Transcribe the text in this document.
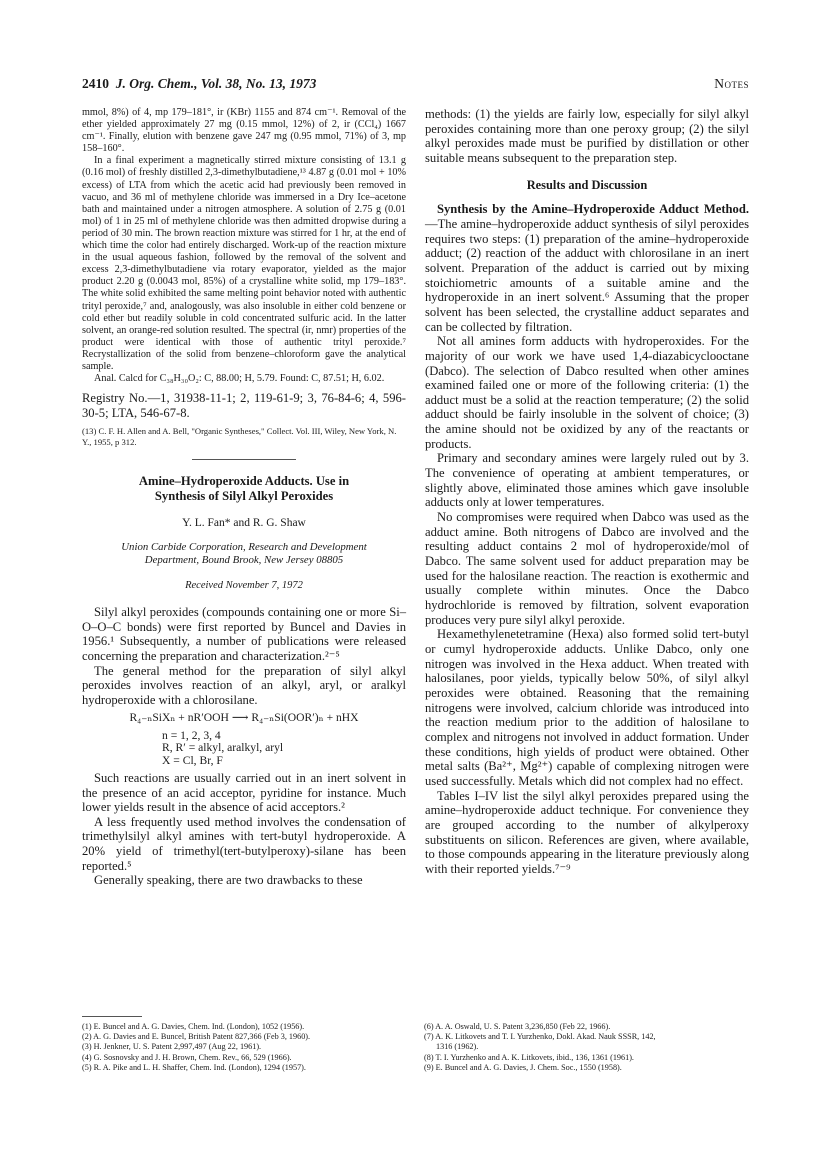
2410 J. Org. Chem., Vol. 38, No. 13, 1973	Notes

mmol, 8%) of 4, mp 179–181°, ir (KBr) 1155 and 874 cm⁻¹. Removal of the ether yielded approximately 27 mg (0.15 mmol, 12%) of 2, ir (CCl₄) 1667 cm⁻¹. Finally, elution with benzene gave 247 mg (0.95 mmol, 71%) of 3, mp 158–160°.

In a final experiment a magnetically stirred mixture consisting of 13.1 g (0.16 mol) of freshly distilled 2,3-dimethylbutadiene,¹³ 4.87 g (0.01 mol + 10% excess) of LTA from which the acetic acid had previously been removed in vacuo, and 36 ml of methylene chloride was immersed in a Dry Ice–acetone bath and maintained under a nitrogen atmosphere. A solution of 2.75 g (0.01 mol) of 1 in 25 ml of methylene chloride was then admitted dropwise during a period of 30 min. The brown reaction mixture was stirred for 1 hr, at the end of which time the color had entirely discharged. Work-up of the reaction mixture in the usual aqueous fashion, followed by the removal of the solvent and excess 2,3-dimethylbutadiene via rotary evaporator, yielded as the major product 2.20 g (0.0043 mol, 85%) of a crystalline white solid, mp 179–183°. The white solid exhibited the same melting point behavior noted with authentic trityl peroxide,⁷ and, analogously, was also insoluble in either cold benzene or cold ether but readily soluble in cold concentrated sulfuric acid. In the latter solvent, an orange-red solution resulted. The spectral (ir, nmr) properties of the product were identical with those of authentic trityl peroxide.⁷ Recrystallization of the solid from benzene–chloroform gave the analytical sample.

Anal. Calcd for C₃₈H₃₀O₂: C, 88.00; H, 5.79. Found: C, 87.51; H, 6.02.

Registry No.—1, 31938-11-1; 2, 119-61-9; 3, 76-84-6; 4, 596-30-5; LTA, 546-67-8.

(13) C. F. H. Allen and A. Bell, "Organic Syntheses," Collect. Vol. III, Wiley, New York, N. Y., 1955, p 312.

Amine–Hydroperoxide Adducts. Use in
Synthesis of Silyl Alkyl Peroxides
Y. L. Fan* and R. G. Shaw
Union Carbide Corporation, Research and Development
Department, Bound Brook, New Jersey 08805
Received November 7, 1972

Silyl alkyl peroxides (compounds containing one or more Si–O–O–C bonds) were first reported by Buncel and Davies in 1956.¹ Subsequently, a number of publications were released concerning the preparation and characterization.²⁻⁵

The general method for the preparation of silyl alkyl peroxides involves reaction of an alkyl, aryl, or aralkyl hydroperoxide with a chlorosilane.

R₄₋ₙSiXₙ + nR′OOH ⟶ R₄₋ₙSi(OOR′)ₙ + nHX
n = 1, 2, 3, 4
R, R′ = alkyl, aralkyl, aryl
X = Cl, Br, F

Such reactions are usually carried out in an inert solvent in the presence of an acid acceptor, pyridine for instance. Much lower yields result in the absence of acid acceptors.²

A less frequently used method involves the condensation of trimethylsilyl alkyl amines with tert-butyl hydroperoxide. A 20% yield of trimethyl(tert-butylperoxy)-silane has been reported.⁵

Generally speaking, there are two drawbacks to these

methods: (1) the yields are fairly low, especially for silyl alkyl peroxides containing more than one peroxy group; (2) the silyl alkyl peroxides made must be purified by distillation or other suitable means subsequent to the preparation step.

Results and Discussion

Synthesis by the Amine–Hydroperoxide Adduct Method.—The amine–hydroperoxide adduct synthesis of silyl peroxides requires two steps: (1) preparation of the amine–hydroperoxide adduct; (2) reaction of the adduct with chlorosilane in an inert solvent. Preparation of the adduct is carried out by mixing stoichiometric amounts of a suitable amine and the hydroperoxide in an inert solvent.⁶ Assuming that the proper solvent has been selected, the crystalline adduct separates and can be collected by filtration.

Not all amines form adducts with hydroperoxides. For the majority of our work we have used 1,4-diazabicyclooctane (Dabco). The selection of Dabco resulted when other amines examined failed one or more of the following criteria: (1) the adduct must be a solid at the reaction temperature; (2) the solid adduct should be fairly insoluble in the solvent of choice; (3) the amine should not be oxidized by any of the reactants or products.

Primary and secondary amines were largely ruled out by 3. The convenience of operating at ambient temperatures, or slightly above, eliminated those amines which gave insoluble adducts only at lower temperatures.

No compromises were required when Dabco was used as the adduct amine. Both nitrogens of Dabco are involved and the resulting adduct contains 2 mol of hydroperoxide/mol of Dabco. The same solvent used for adduct preparation may be used for the halosilane reaction. The reaction is exothermic and usually complete within minutes. Once the Dabco hydrochloride is removed by filtration, solvent evaporation produces very pure silyl alkyl peroxide.

Hexamethylenetetramine (Hexa) also formed solid tert-butyl or cumyl hydroperoxide adducts. Unlike Dabco, only one nitrogen was involved in the Hexa adduct. When treated with halosilanes, poor yields, typically below 50%, of silyl alkyl peroxides were obtained. Reasoning that the remaining nitrogens were involved, calcium chloride was introduced into the reaction medium prior to the addition of halosilane to complex and nitrogens not involved in adduct formation. Under these conditions, high yields of product were obtained. Other metal salts (Ba²⁺, Mg²⁺) capable of complexing nitrogen were used successfully. Metals which did not complex had no effect.

Tables I–IV list the silyl alkyl peroxides prepared using the amine–hydroperoxide adduct technique. For convenience they are grouped according to the number of alkylperoxy substituents on silicon. References are given, where available, to those compounds appearing in the literature previously along with their reported yields.⁷⁻⁹

(1) E. Buncel and A. G. Davies, Chem. Ind. (London), 1052 (1956).
(2) A. G. Davies and E. Buncel, British Patent 827,366 (Feb 3, 1960).
(3) H. Jenkner, U. S. Patent 2,997,497 (Aug 22, 1961).
(4) G. Sosnovsky and J. H. Brown, Chem. Rev., 66, 529 (1966).
(5) R. A. Pike and L. H. Shaffer, Chem. Ind. (London), 1294 (1957).
(6) A. A. Oswald, U. S. Patent 3,236,850 (Feb 22, 1966).
(7) A. K. Litkovets and T. I. Yurzhenko, Dokl. Akad. Nauk SSSR, 142,
1316 (1962).
(8) T. I. Yurzhenko and A. K. Litkovets, ibid., 136, 1361 (1961).
(9) E. Buncel and A. G. Davies, J. Chem. Soc., 1550 (1958).
